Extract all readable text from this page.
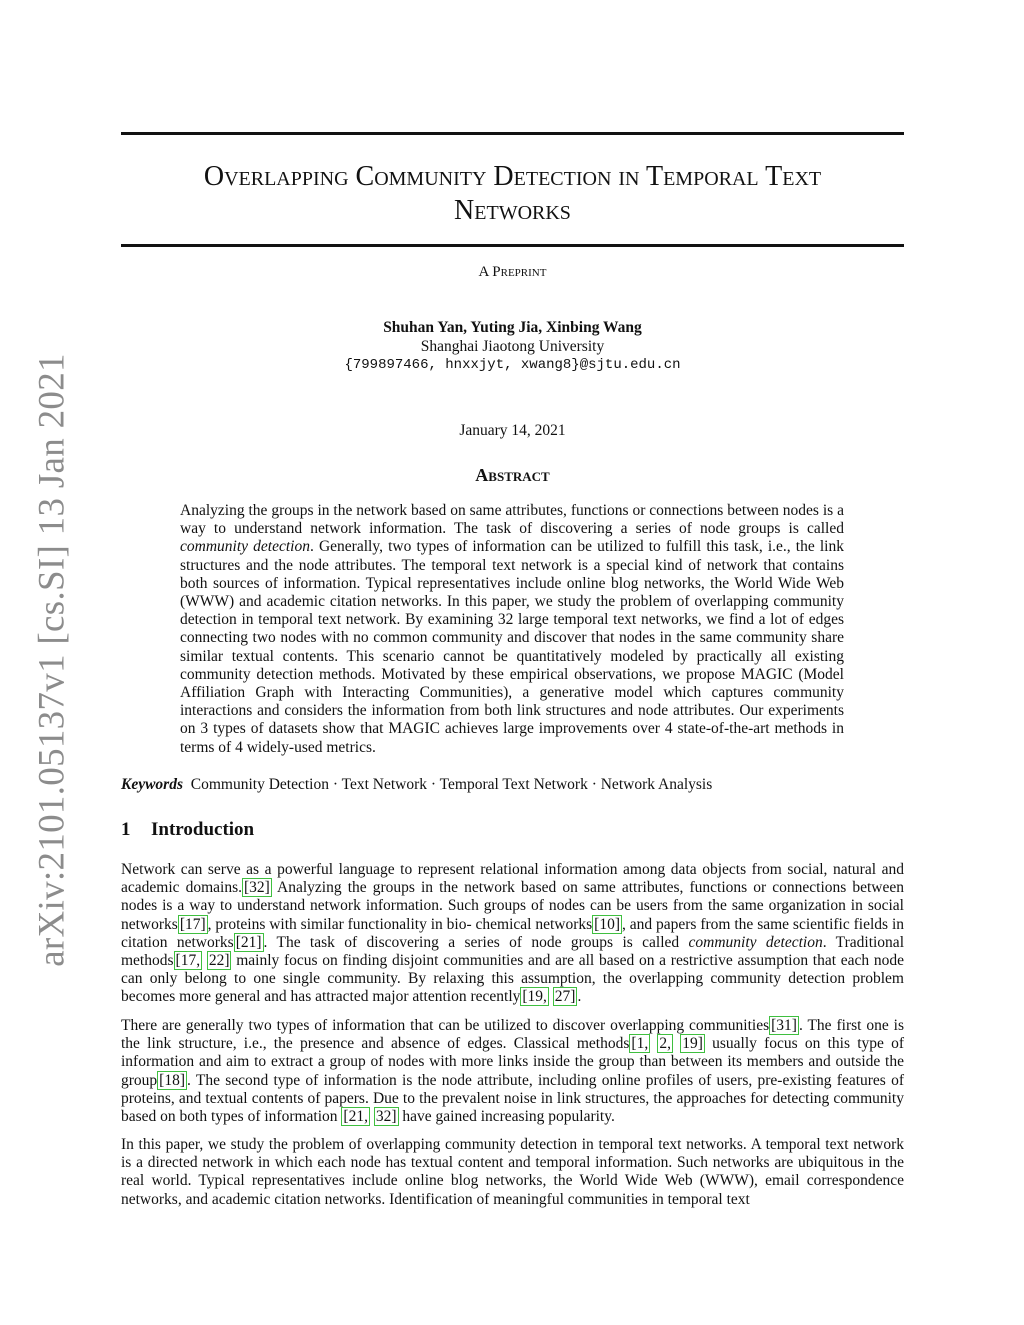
arXiv:2101.05137v1 [cs.SI] 13 Jan 2021
Overlapping Community Detection in Temporal Text
Networks
A Preprint
Shuhan Yan, Yuting Jia, Xinbing Wang
Shanghai Jiaotong University
{799897466, hnxxjyt, xwang8}@sjtu.edu.cn
January 14, 2021
Abstract

Analyzing the groups in the network based on same attributes, functions or connections between nodes is a way to understand network information. The task of discovering a series of node groups is called community detection. Generally, two types of information can be utilized to fulfill this task, i.e., the link structures and the node attributes. The temporal text network is a special kind of network that contains both sources of information. Typical representatives include online blog networks, the World Wide Web (WWW) and academic citation networks. In this paper, we study the problem of overlapping community detection in temporal text network. By examining 32 large temporal text networks, we find a lot of edges connecting two nodes with no common community and discover that nodes in the same community share similar textual contents. This scenario cannot be quantitatively modeled by practically all existing community detection methods. Motivated by these empirical observations, we propose MAGIC (Model Affiliation Graph with Interacting Communities), a generative model which captures community interactions and considers the information from both link structures and node attributes. Our experiments on 3 types of datasets show that MAGIC achieves large improvements over 4 state-of-the-art methods in terms of 4 widely-used metrics.

Keywords Community Detection · Text Network · Temporal Text Network · Network Analysis
1 Introduction

Network can serve as a powerful language to represent relational information among data objects from social, natural and academic domains. [32] Analyzing the groups in the network based on same attributes, functions or connections between nodes is a way to understand network information. Such groups of nodes can be users from the same organization in social networks [17] , proteins with similar functionality in bio- chemical networks [10] , and papers from the same scientific fields in citation networks [21] . The task of discovering a series of node groups is called community detection. Traditional methods [17, 22] mainly focus on finding disjoint communities and are all based on a restrictive assumption that each node can only belong to one single community. By relaxing this assumption, the overlapping community detection problem becomes more general and has attracted major attention recently [19, 27] .

There are generally two types of information that can be utilized to discover overlapping communities [31] . The first one is the link structure, i.e., the presence and absence of edges. Classical methods [1, 2, 19] usually focus on this type of information and aim to extract a group of nodes with more links inside the group than between its members and outside the group [18] . The second type of information is the node attribute, including online profiles of users, pre-existing features of proteins, and textual contents of papers. Due to the prevalent noise in link structures, the approaches for detecting community based on both types of information [21, 32] have gained increasing popularity.

In this paper, we study the problem of overlapping community detection in temporal text networks. A temporal text network is a directed network in which each node has textual content and temporal information. Such networks are ubiquitous in the real world. Typical representatives include online blog networks, the World Wide Web (WWW), email correspondence networks, and academic citation networks. Identification of meaningful communities in temporal text
